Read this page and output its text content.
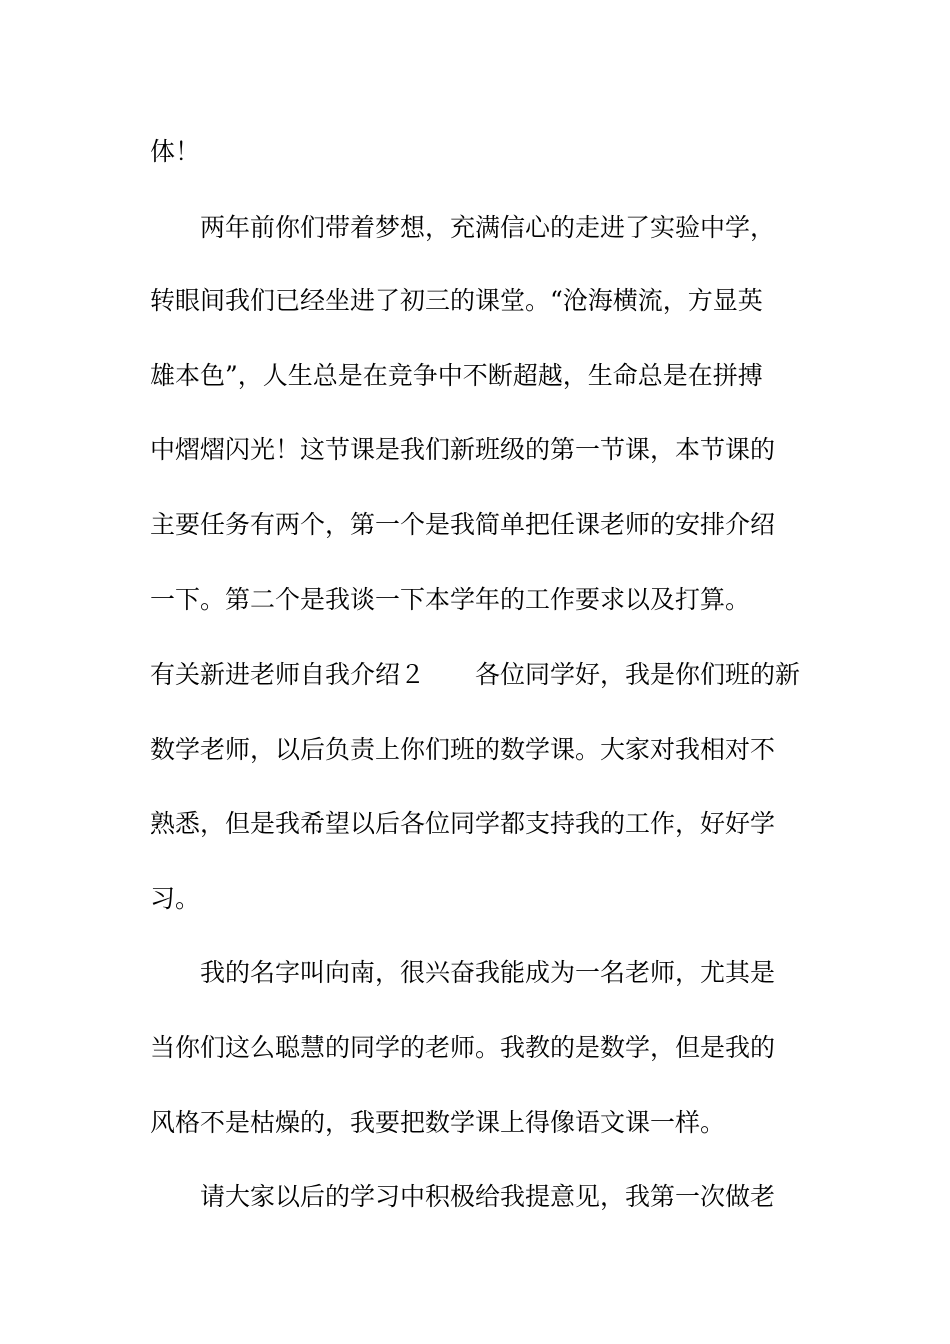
体！
　　两年前你们带着梦想，充满信心的走进了实验中学，
转眼间我们已经坐进了初三的课堂。“沧海横流，方显英
雄本色”，人生总是在竞争中不断超越，生命总是在拼搏
中熠熠闪光！这节课是我们新班级的第一节课，本节课的
主要任务有两个，第一个是我简单把任课老师的安排介绍
一下。第二个是我谈一下本学年的工作要求以及打算。
有关新进老师自我介绍２　　各位同学好，我是你们班的新
数学老师，以后负责上你们班的数学课。大家对我相对不
熟悉，但是我希望以后各位同学都支持我的工作，好好学
习。
　　我的名字叫向南，很兴奋我能成为一名老师，尤其是
当你们这么聪慧的同学的老师。我教的是数学，但是我的
风格不是枯燥的，我要把数学课上得像语文课一样。
　　请大家以后的学习中积极给我提意见，我第一次做老
